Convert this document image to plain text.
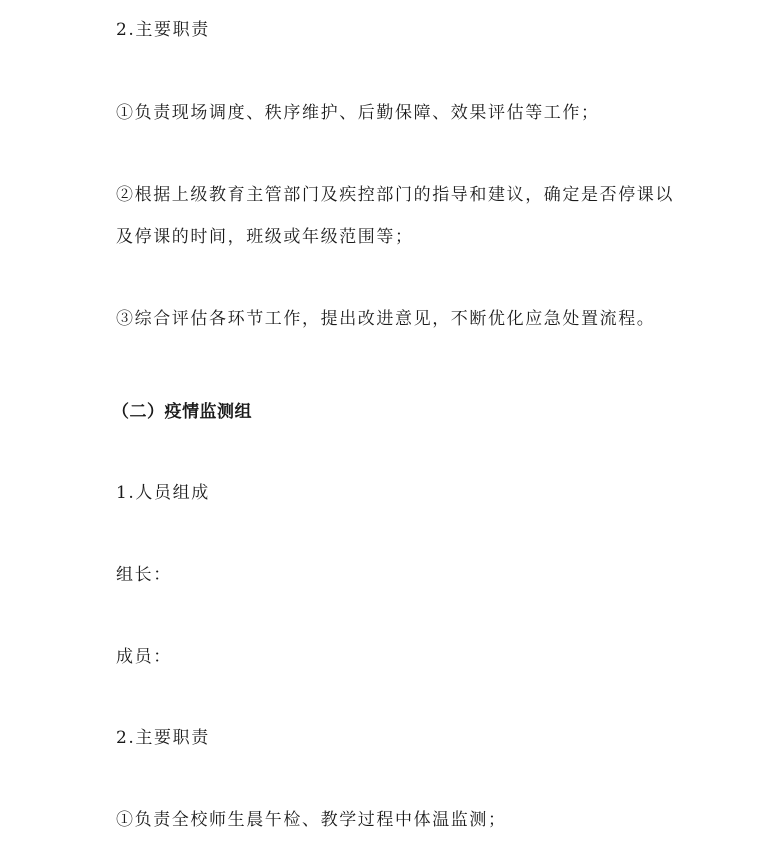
2.主要职责
①负责现场调度、秩序维护、后勤保障、效果评估等工作；
②根据上级教育主管部门及疾控部门的指导和建议，确定是否停课以
及停课的时间，班级或年级范围等；
③综合评估各环节工作，提出改进意见，不断优化应急处置流程。
（二）疫情监测组
1.人员组成
组长：
成员：
2.主要职责
①负责全校师生晨午检、教学过程中体温监测；
